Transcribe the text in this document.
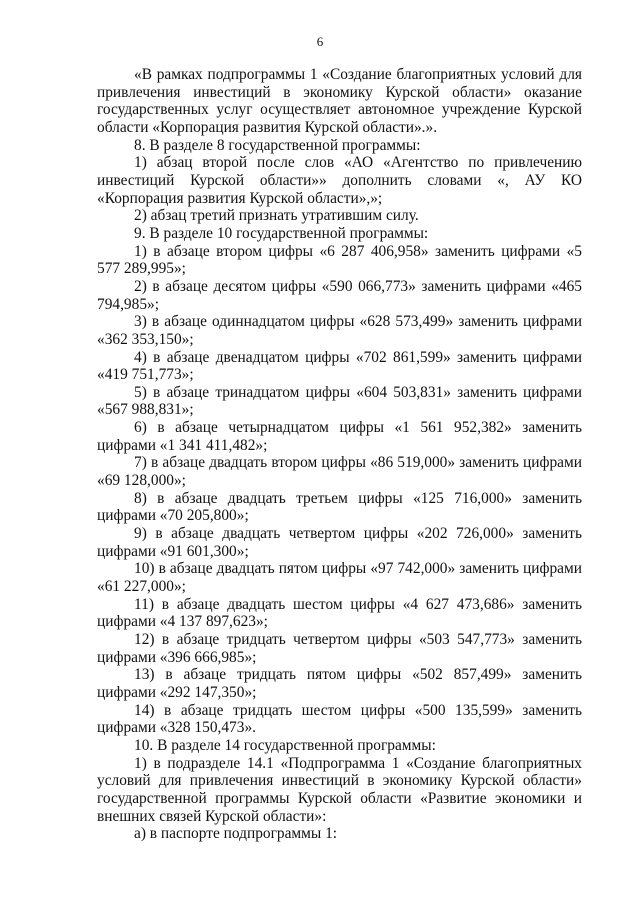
6

«В рамках подпрограммы 1 «Создание благоприятных условий для привлечения инвестиций в экономику Курской области» оказание государственных услуг осуществляет автономное учреждение Курской области «Корпорация развития Курской области».».

8. В разделе 8 государственной программы:

1) абзац второй после слов «АО «Агентство по привлечению инвестиций Курской области»» дополнить словами «, АУ КО «Корпорация развития Курской области»,»;

2) абзац третий признать утратившим силу.

9. В разделе 10 государственной программы:

1) в абзаце втором цифры «6 287 406,958» заменить цифрами «5 577 289,995»;

2) в абзаце десятом цифры «590 066,773» заменить цифрами «465 794,985»;

3) в абзаце одиннадцатом цифры «628 573,499» заменить цифрами «362 353,150»;

4) в абзаце двенадцатом цифры «702 861,599» заменить цифрами «419 751,773»;

5) в абзаце тринадцатом цифры «604 503,831» заменить цифрами «567 988,831»;

6) в абзаце четырнадцатом цифры «1 561 952,382» заменить цифрами «1 341 411,482»;

7) в абзаце двадцать втором цифры «86 519,000» заменить цифрами «69 128,000»;

8) в абзаце двадцать третьем цифры «125 716,000» заменить цифрами «70 205,800»;

9) в абзаце двадцать четвертом цифры «202 726,000» заменить цифрами «91 601,300»;

10) в абзаце двадцать пятом цифры «97 742,000» заменить цифрами «61 227,000»;

11) в абзаце двадцать шестом цифры «4 627 473,686» заменить цифрами «4 137 897,623»;

12) в абзаце тридцать четвертом цифры «503 547,773» заменить цифрами «396 666,985»;

13) в абзаце тридцать пятом цифры «502 857,499» заменить цифрами «292 147,350»;

14) в абзаце тридцать шестом цифры «500 135,599» заменить цифрами «328 150,473».

10. В разделе 14 государственной программы:

1) в подразделе 14.1 «Подпрограмма 1 «Создание благоприятных условий для привлечения инвестиций в экономику Курской области» государственной программы Курской области «Развитие экономики и внешних связей Курской области»:

а) в паспорте подпрограммы 1:
